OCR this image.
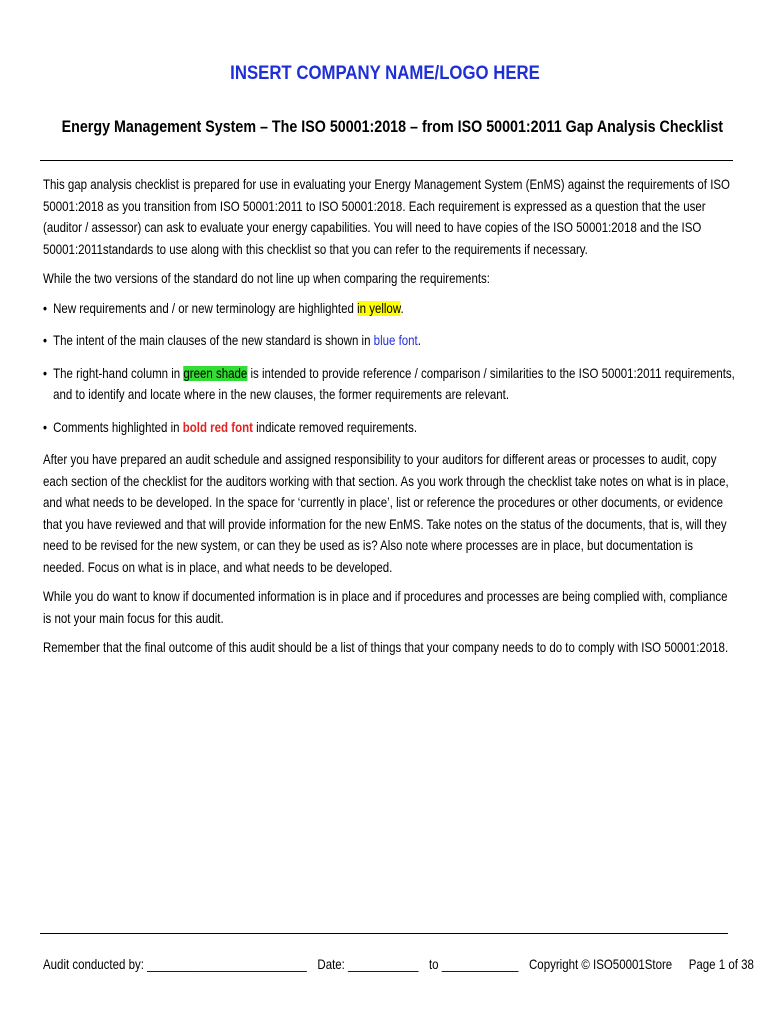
INSERT COMPANY NAME/LOGO HERE
Energy Management System – The ISO 50001:2018 – from ISO 50001:2011 Gap Analysis Checklist

This gap analysis checklist is prepared for use in evaluating your Energy Management System (EnMS) against the requirements of ISO 50001:2018 as you transition from ISO 50001:2011 to ISO 50001:2018. Each requirement is expressed as a question that the user (auditor / assessor) can ask to evaluate your energy capabilities. You will need to have copies of the ISO 50001:2018 and the ISO 50001:2011standards to use along with this checklist so that you can refer to the requirements if necessary.

While the two versions of the standard do not line up when comparing the requirements:

• New requirements and / or new terminology are highlighted in yellow.
• The intent of the main clauses of the new standard is shown in blue font.
• The right-hand column in green shade is intended to provide reference / comparison / similarities to the ISO 50001:2011 requirements, and to identify and locate where in the new clauses, the former requirements are relevant.
• Comments highlighted in bold red font indicate removed requirements.

After you have prepared an audit schedule and assigned responsibility to your auditors for different areas or processes to audit, copy each section of the checklist for the auditors working with that section. As you work through the checklist take notes on what is in place, and what needs to be developed. In the space for ‘currently in place’, list or reference the procedures or other documents, or evidence that you have reviewed and that will provide information for the new EnMS. Take notes on the status of the documents, that is, will they need to be revised for the new system, or can they be used as is? Also note where processes are in place, but documentation is needed. Focus on what is in place, and what needs to be developed.

While you do want to know if documented information is in place and if procedures and processes are being complied with, compliance is not your main focus for this audit.

Remember that the final outcome of this audit should be a list of things that your company needs to do to comply with ISO 50001:2018.

Audit conducted by: _________________________ Date: ___________ to ____________ Copyright © ISO50001Store Page 1 of 38
